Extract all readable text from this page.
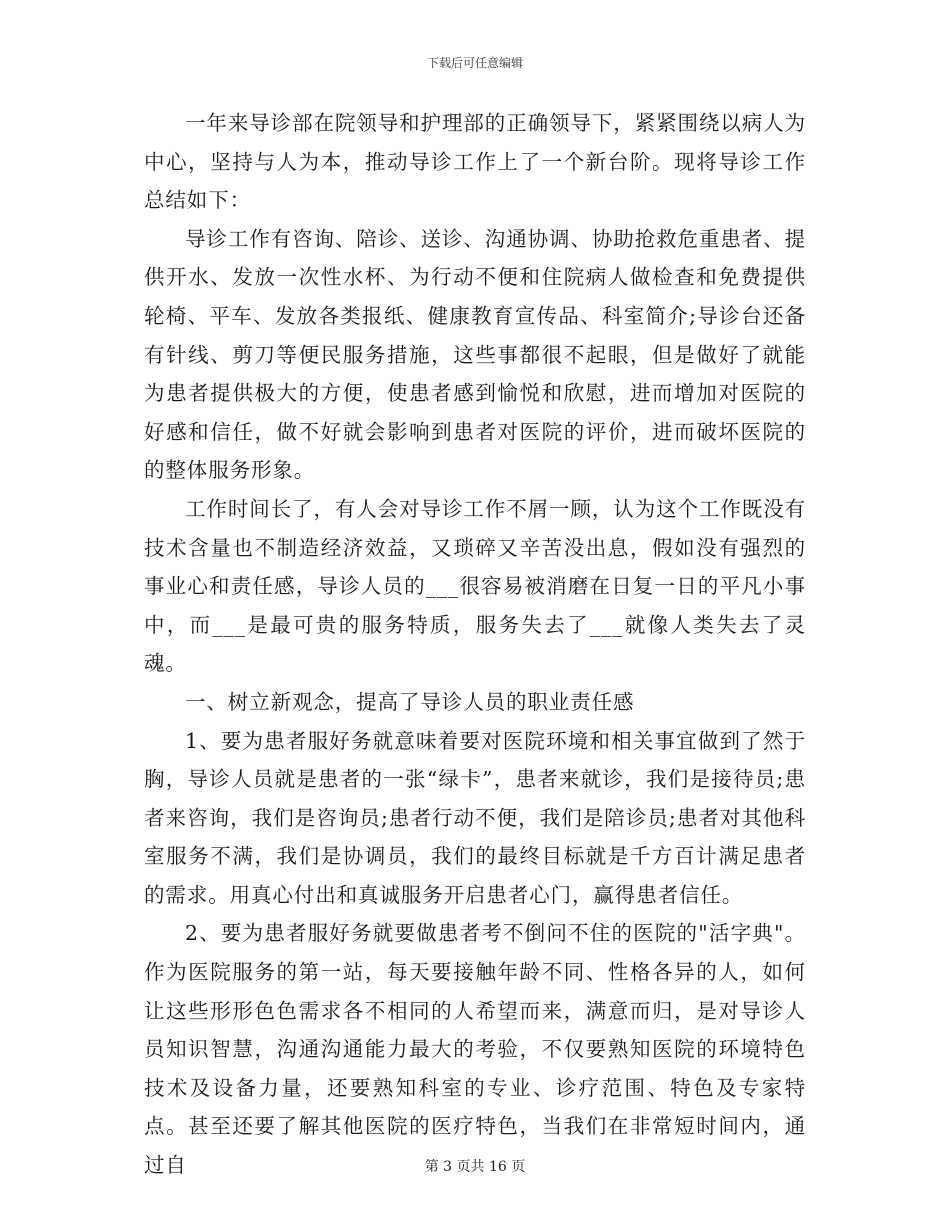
下载后可任意编辑

一年来导诊部在院领导和护理部的正确领导下，紧紧围绕以病人为中心，坚持与人为本，推动导诊工作上了一个新台阶。现将导诊工作总结如下：

导诊工作有咨询、陪诊、送诊、沟通协调、协助抢救危重患者、提供开水、发放一次性水杯、为行动不便和住院病人做检查和免费提供轮椅、平车、发放各类报纸、健康教育宣传品、科室简介;导诊台还备有针线、剪刀等便民服务措施，这些事都很不起眼，但是做好了就能为患者提供极大的方便，使患者感到愉悦和欣慰，进而增加对医院的好感和信任，做不好就会影响到患者对医院的评价，进而破坏医院的的整体服务形象。

工作时间长了，有人会对导诊工作不屑一顾，认为这个工作既没有技术含量也不制造经济效益，又琐碎又辛苦没出息，假如没有强烈的事业心和责任感，导诊人员的___很容易被消磨在日复一日的平凡小事中，而___是最可贵的服务特质，服务失去了___就像人类失去了灵魂。

一、树立新观念，提高了导诊人员的职业责任感

1、要为患者服好务就意味着要对医院环境和相关事宜做到了然于胸，导诊人员就是患者的一张“绿卡”，患者来就诊，我们是接待员;患者来咨询，我们是咨询员;患者行动不便，我们是陪诊员;患者对其他科室服务不满，我们是协调员，我们的最终目标就是千方百计满足患者的需求。用真心付出和真诚服务开启患者心门，赢得患者信任。

2、要为患者服好务就要做患者考不倒问不住的医院的"活字典"。作为医院服务的第一站，每天要接触年龄不同、性格各异的人，如何让这些形形色色需求各不相同的人希望而来，满意而归，是对导诊人员知识智慧，沟通沟通能力最大的考验，不仅要熟知医院的环境特色技术及设备力量，还要熟知科室的专业、诊疗范围、特色及专家特点。甚至还要了解其他医院的医疗特色，当我们在非常短时间内，通过自	第 3 页共 16 页
